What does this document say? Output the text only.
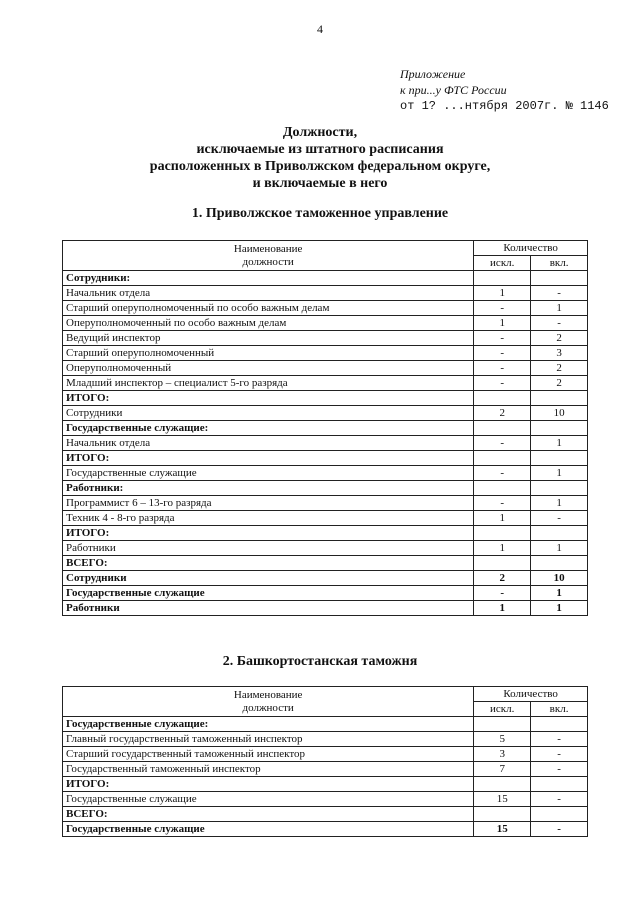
4
Приложение
к при...у ФТС России
от 1? ...нтября 2007г. № 1146
Должности,
исключаемые из штатного расписания
расположенных в Приволжском федеральном округе,
и включаемые в него
1. Приволжское таможенное управление
Наименование
должности	Количество	
	искл.	вкл.
Сотрудники:		
Начальник отдела	1	-
Старший оперуполномоченный по особо важным делам	-	1
Оперуполномоченный по особо важным делам	1	-
Ведущий инспектор	-	2
Старший оперуполномоченный	-	3
Оперуполномоченный	-	2
Младший инспектор – специалист 5-го разряда	-	2
ИТОГО:		
Сотрудники	2	10
Государственные служащие:		
Начальник отдела	-	1
ИТОГО:		
Государственные служащие	-	1
Работники:		
Программист 6 – 13-го разряда	-	1
Техник 4 - 8-го разряда	1	-
ИТОГО:		
Работники	1	1
ВСЕГО:		
Сотрудники	2	10
Государственные служащие	-	1
Работники	1	1
2. Башкортостанская таможня
Наименование
должности	Количество	
	искл.	вкл.
Государственные служащие:		
Главный государственный таможенный инспектор	5	-
Старший государственный таможенный инспектор	3	-
Государственный таможенный инспектор	7	-
ИТОГО:		
Государственные служащие	15	-
ВСЕГО:		
Государственные служащие	15	-
